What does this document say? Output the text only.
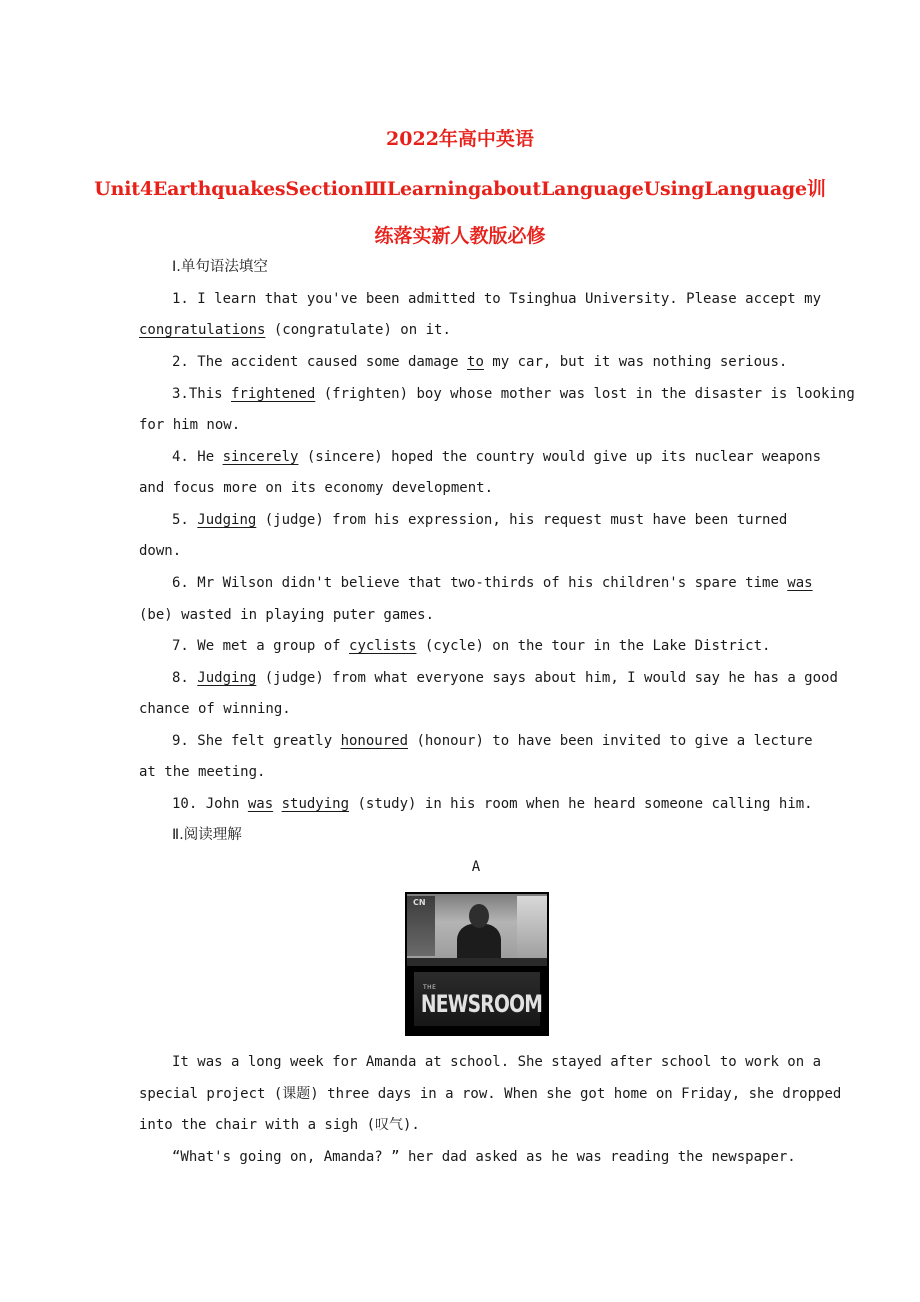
2022年高中英语
Unit4EarthquakesSectionⅢLearningaboutLanguageUsingLanguage训
练落实新人教版必修
Ⅰ.单句语法填空
1. I learn that you've been admitted to Tsinghua University. Please accept my
congratulations (congratulate) on it.
2. The accident caused some damage to my car, but it was nothing serious.
3.This frightened (frighten) boy whose mother was lost in the disaster is looking
for him now.
4. He sincerely (sincere) hoped the country would give up its nuclear weapons
and focus more on its economy development.
5. Judging (judge) from his expression, his request must have been turned
down.
6. Mr Wilson didn't believe that two-thirds of his children's spare time was
(be) wasted in playing puter games.
7. We met a group of cyclists (cycle) on the tour in the Lake District.
8. Judging (judge) from what everyone says about him, I would say he has a good
chance of winning.
9. She felt greatly honoured (honour) to have been invited to give a lecture
at the meeting.
10. John was studying (study) in his room when he heard someone calling him.
Ⅱ.阅读理解
A
CN
THE
NEWSROOM
It was a long week for Amanda at school. She stayed after school to work on a
special project (课题) three days in a row. When she got home on Friday, she dropped
into the chair with a sigh (叹气).
“What's going on, Amanda? ” her dad asked as he was reading the newspaper.
